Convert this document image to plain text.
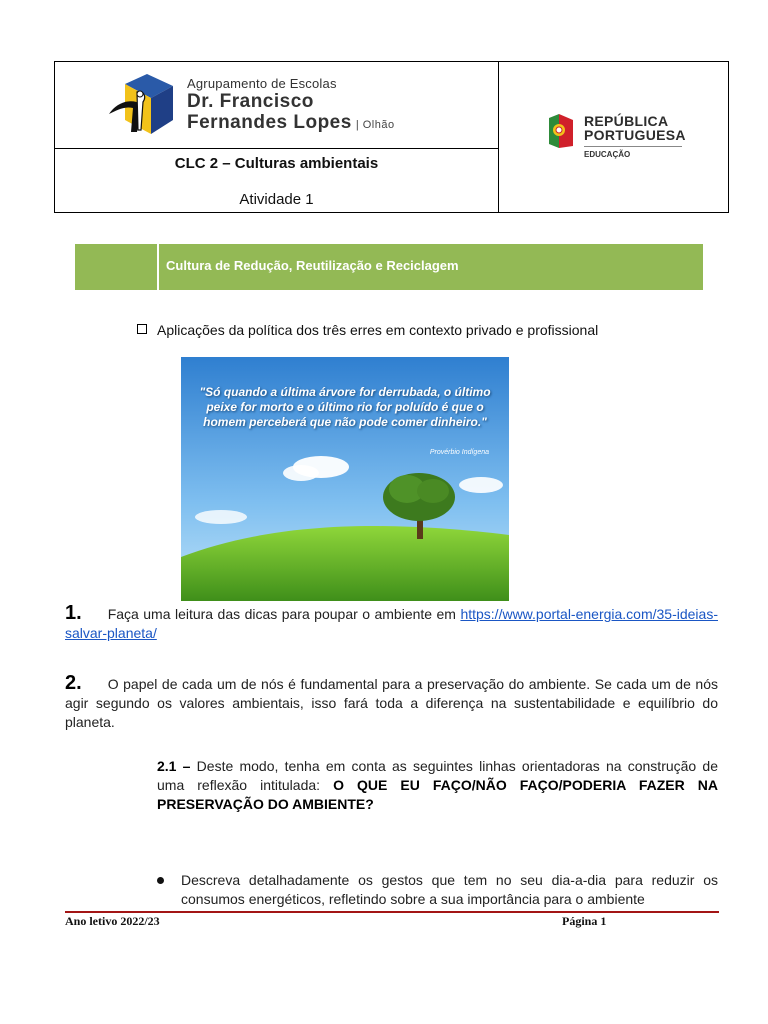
Agrupamento de Escolas
Dr. Francisco
Fernandes Lopes | Olhão
CLC 2 – Culturas ambientais
Atividade 1
REPÚBLICA
PORTUGUESA
EDUCAÇÃO
Cultura de Redução, Reutilização e Reciclagem
Aplicações da política dos três erres em contexto privado e profissional
"Só quando a última árvore for derrubada, o último peixe for morto e o último rio for poluído é que o homem perceberá que não pode comer dinheiro."
Provérbio Indígena
1. Faça uma leitura das dicas para poupar o ambiente em https://www.portal-energia.com/35-ideias-salvar-planeta/
2. O papel de cada um de nós é fundamental para a preservação do ambiente. Se cada um de nós agir segundo os valores ambientais, isso fará toda a diferença na sustentabilidade e equilíbrio do planeta.
2.1 – Deste modo, tenha em conta as seguintes linhas orientadoras na construção de uma reflexão intitulada: O QUE EU FAÇO/NÃO FAÇO/PODERIA FAZER NA PRESERVAÇÃO DO AMBIENTE?
Descreva detalhadamente os gestos que tem no seu dia-a-dia para reduzir os consumos energéticos, refletindo sobre a sua importância para o ambiente
Ano letivo 2022/23	Página 1
